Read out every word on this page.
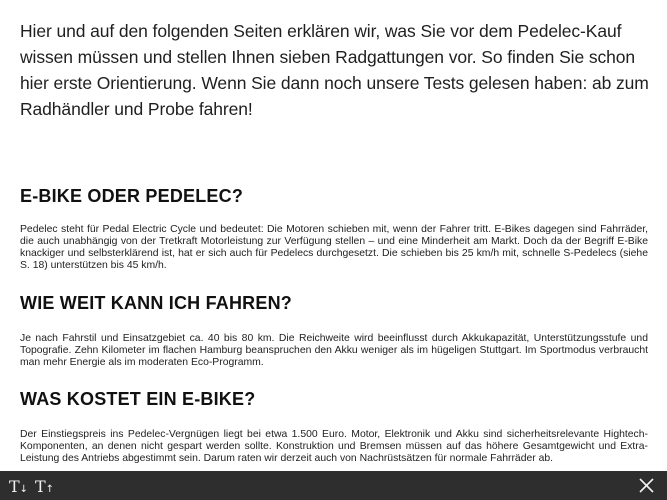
Hier und auf den folgenden Seiten erklären wir, was Sie vor dem Pedelec-Kauf wissen müssen und stellen Ihnen sieben Radgattungen vor. So finden Sie schon hier erste Orientierung. Wenn Sie dann noch unsere Tests gelesen haben: ab zum Radhändler und Probe fahren!
E-BIKE ODER PEDELEC?

Pedelec steht für Pedal Electric Cycle und bedeutet: Die Motoren schieben mit, wenn der Fahrer tritt. E-Bikes dagegen sind Fahrräder, die auch unabhängig von der Tretkraft Motorleistung zur Verfügung stellen – und eine Minderheit am Markt. Doch da der Begriff E-Bike knackiger und selbsterklärend ist, hat er sich auch für Pedelecs durchgesetzt. Die schieben bis 25 km/h mit, schnelle S-Pedelecs (siehe S. 18) unterstützen bis 45 km/h.

WIE WEIT KANN ICH FAHREN?

Je nach Fahrstil und Einsatzgebiet ca. 40 bis 80 km. Die Reichweite wird beeinflusst durch Akkukapazität, Unterstützungsstufe und Topografie. Zehn Kilometer im flachen Hamburg beanspruchen den Akku weniger als im hügeligen Stuttgart. Im Sportmodus verbraucht man mehr Energie als im moderaten Eco-Programm.

WAS KOSTET EIN E-BIKE?

Der Einstiegspreis ins Pedelec-Vergnügen liegt bei etwa 1.500 Euro. Motor, Elektronik und Akku sind sicherheitsrelevante Hightech-Komponenten, an denen nicht gespart werden sollte. Konstruktion und Bremsen müssen auf das höhere Gesamtgewicht und Extra-Leistung des Antriebs abgestimmt sein. Darum raten wir derzeit auch von Nachrüstsätzen für normale Fahrräder ab.

T ↓ T ↑
